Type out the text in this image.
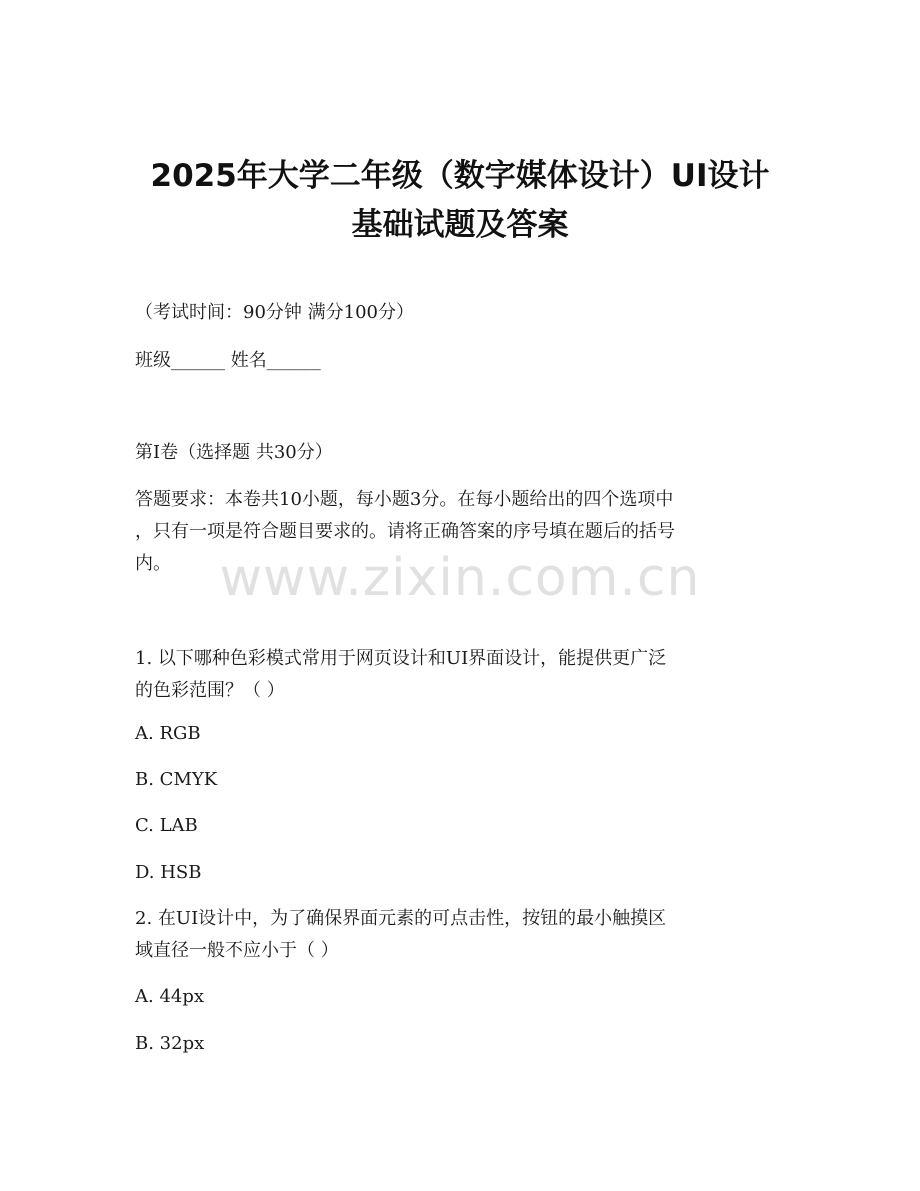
2025年大学二年级（数字媒体设计）UI设计
基础试题及答案
（考试时间：90分钟 满分100分）
班级______ 姓名______
第I卷（选择题 共30分）
答题要求：本卷共10小题，每小题3分。在每小题给出的四个选项中
，只有一项是符合题目要求的。请将正确答案的序号填在题后的括号
内。 www.zixin.com.cn
1. 以下哪种色彩模式常用于网页设计和UI界面设计，能提供更广泛
的色彩范围？（ ）
A. RGB
B. CMYK
C. LAB
D. HSB
2. 在UI设计中，为了确保界面元素的可点击性，按钮的最小触摸区
域直径一般不应小于（ ）
A. 44px
B. 32px
